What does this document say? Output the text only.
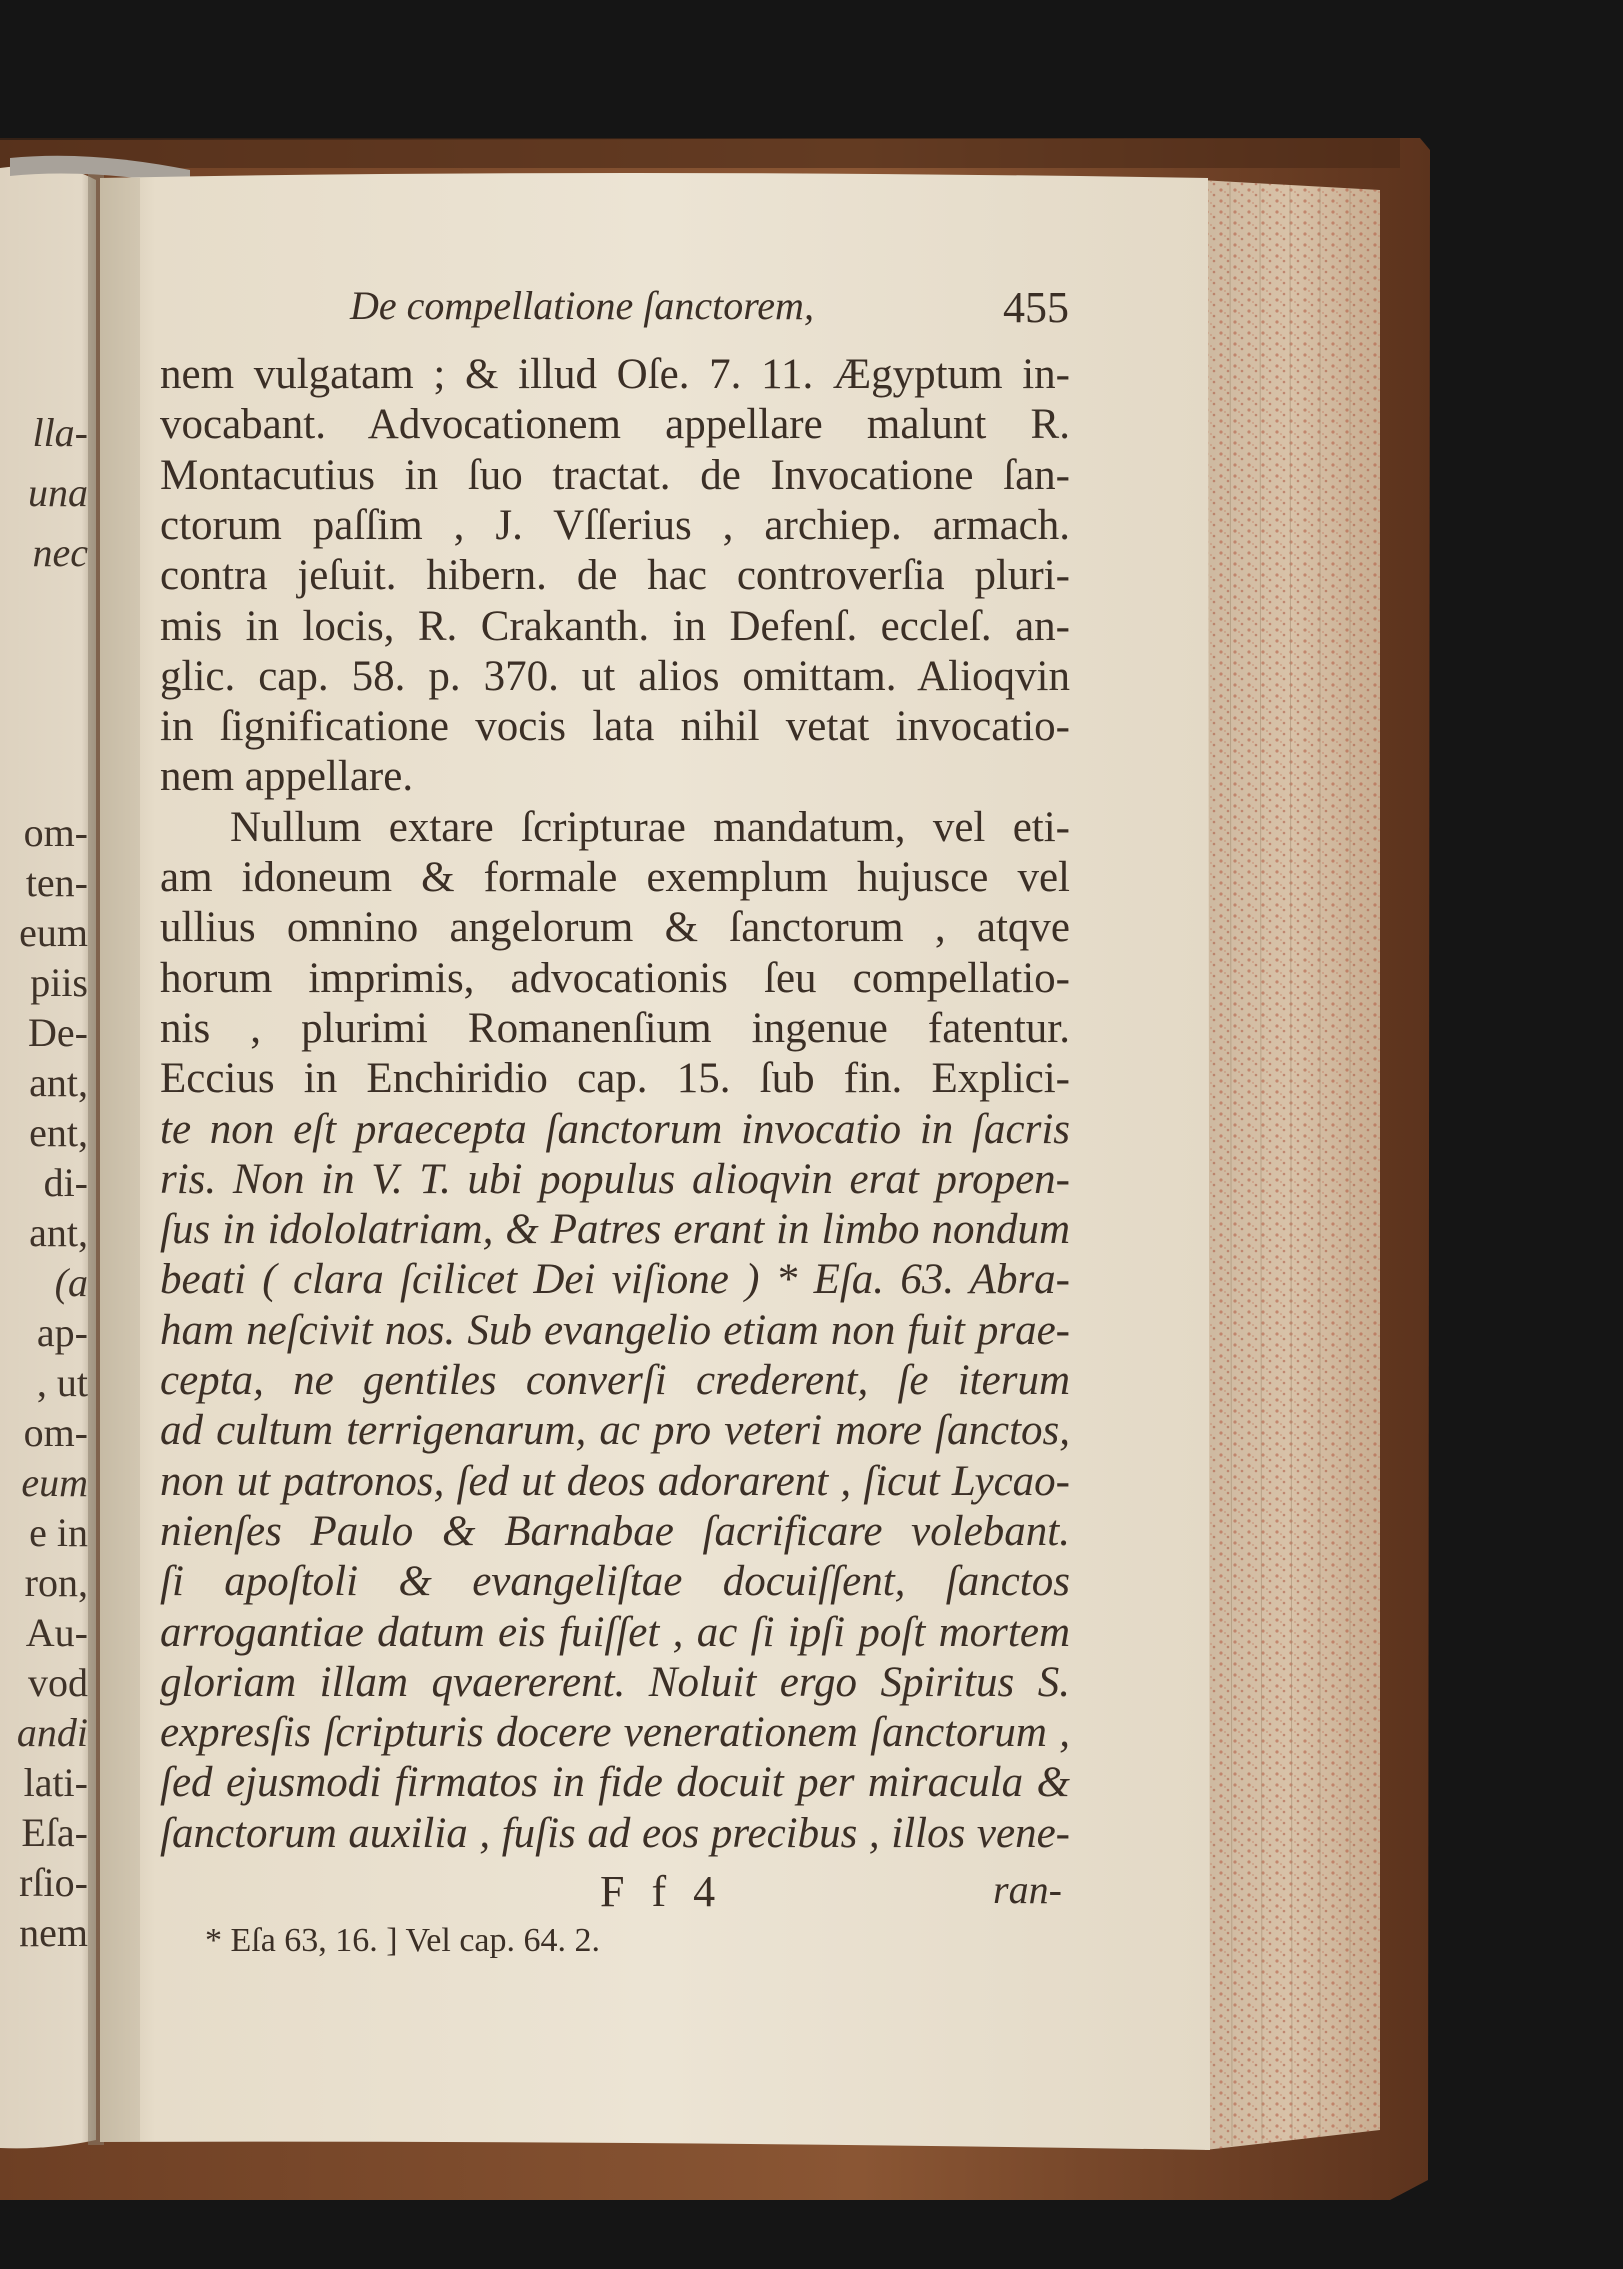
lla-

una

nec

om-

ten-

eum

piis

De-

ant,

ent,

di-

ant,

(a

ap-

, ut

om-

eum

e in

ron,

Au-

vod

andi

lati-

Eſa-

rſio-

nem

De compellatione ſanctorem,	455

nem vulgatam ; & illud Oſe. 7. 11. Ægyptum in-

vocabant. Advocationem appellare malunt R.

Montacutius in ſuo tractat. de Invocatione ſan-

ctorum paſſim , J. Vſſerius , archiep. armach.

contra jeſuit. hibern. de hac controverſia pluri-

mis in locis, R. Crakanth. in Defenſ. eccleſ. an-

glic. cap. 58. p. 370. ut alios omittam. Alioqvin

in ſignificatione vocis lata nihil vetat invocatio-

nem appellare.

Nullum extare ſcripturae mandatum, vel eti-

am idoneum & formale exemplum hujusce vel

ullius omnino angelorum & ſanctorum , atqve

horum imprimis, advocationis ſeu compellatio-

nis , plurimi Romanenſium ingenue fatentur.

Eccius in Enchiridio cap. 15. ſub fin. Explici-

te non eſt praecepta ſanctorum invocatio in ſacris

ris. Non in V. T. ubi populus alioqvin erat propen-

ſus in idololatriam, & Patres erant in limbo nondum

beati ( clara ſcilicet Dei viſione ) * Eſa. 63. Abra-

ham neſcivit nos. Sub evangelio etiam non fuit prae-

cepta, ne gentiles converſi crederent, ſe iterum

ad cultum terrigenarum, ac pro veteri more ſanctos,

non ut patronos, ſed ut deos adorarent , ſicut Lycao-

nienſes Paulo & Barnabae ſacrificare volebant.

ſi apoſtoli & evangeliſtae docuiſſent, ſanctos

arrogantiae datum eis fuiſſet , ac ſi ipſi poſt mortem

gloriam illam qvaererent. Noluit ergo Spiritus S.

expresſis ſcripturis docere venerationem ſanctorum ,

ſed ejusmodi firmatos in fide docuit per miracula &

ſanctorum auxilia , fuſis ad eos precibus , illos vene-

F f 4	ran-

* Eſa 63, 16. ] Vel cap. 64. 2.
